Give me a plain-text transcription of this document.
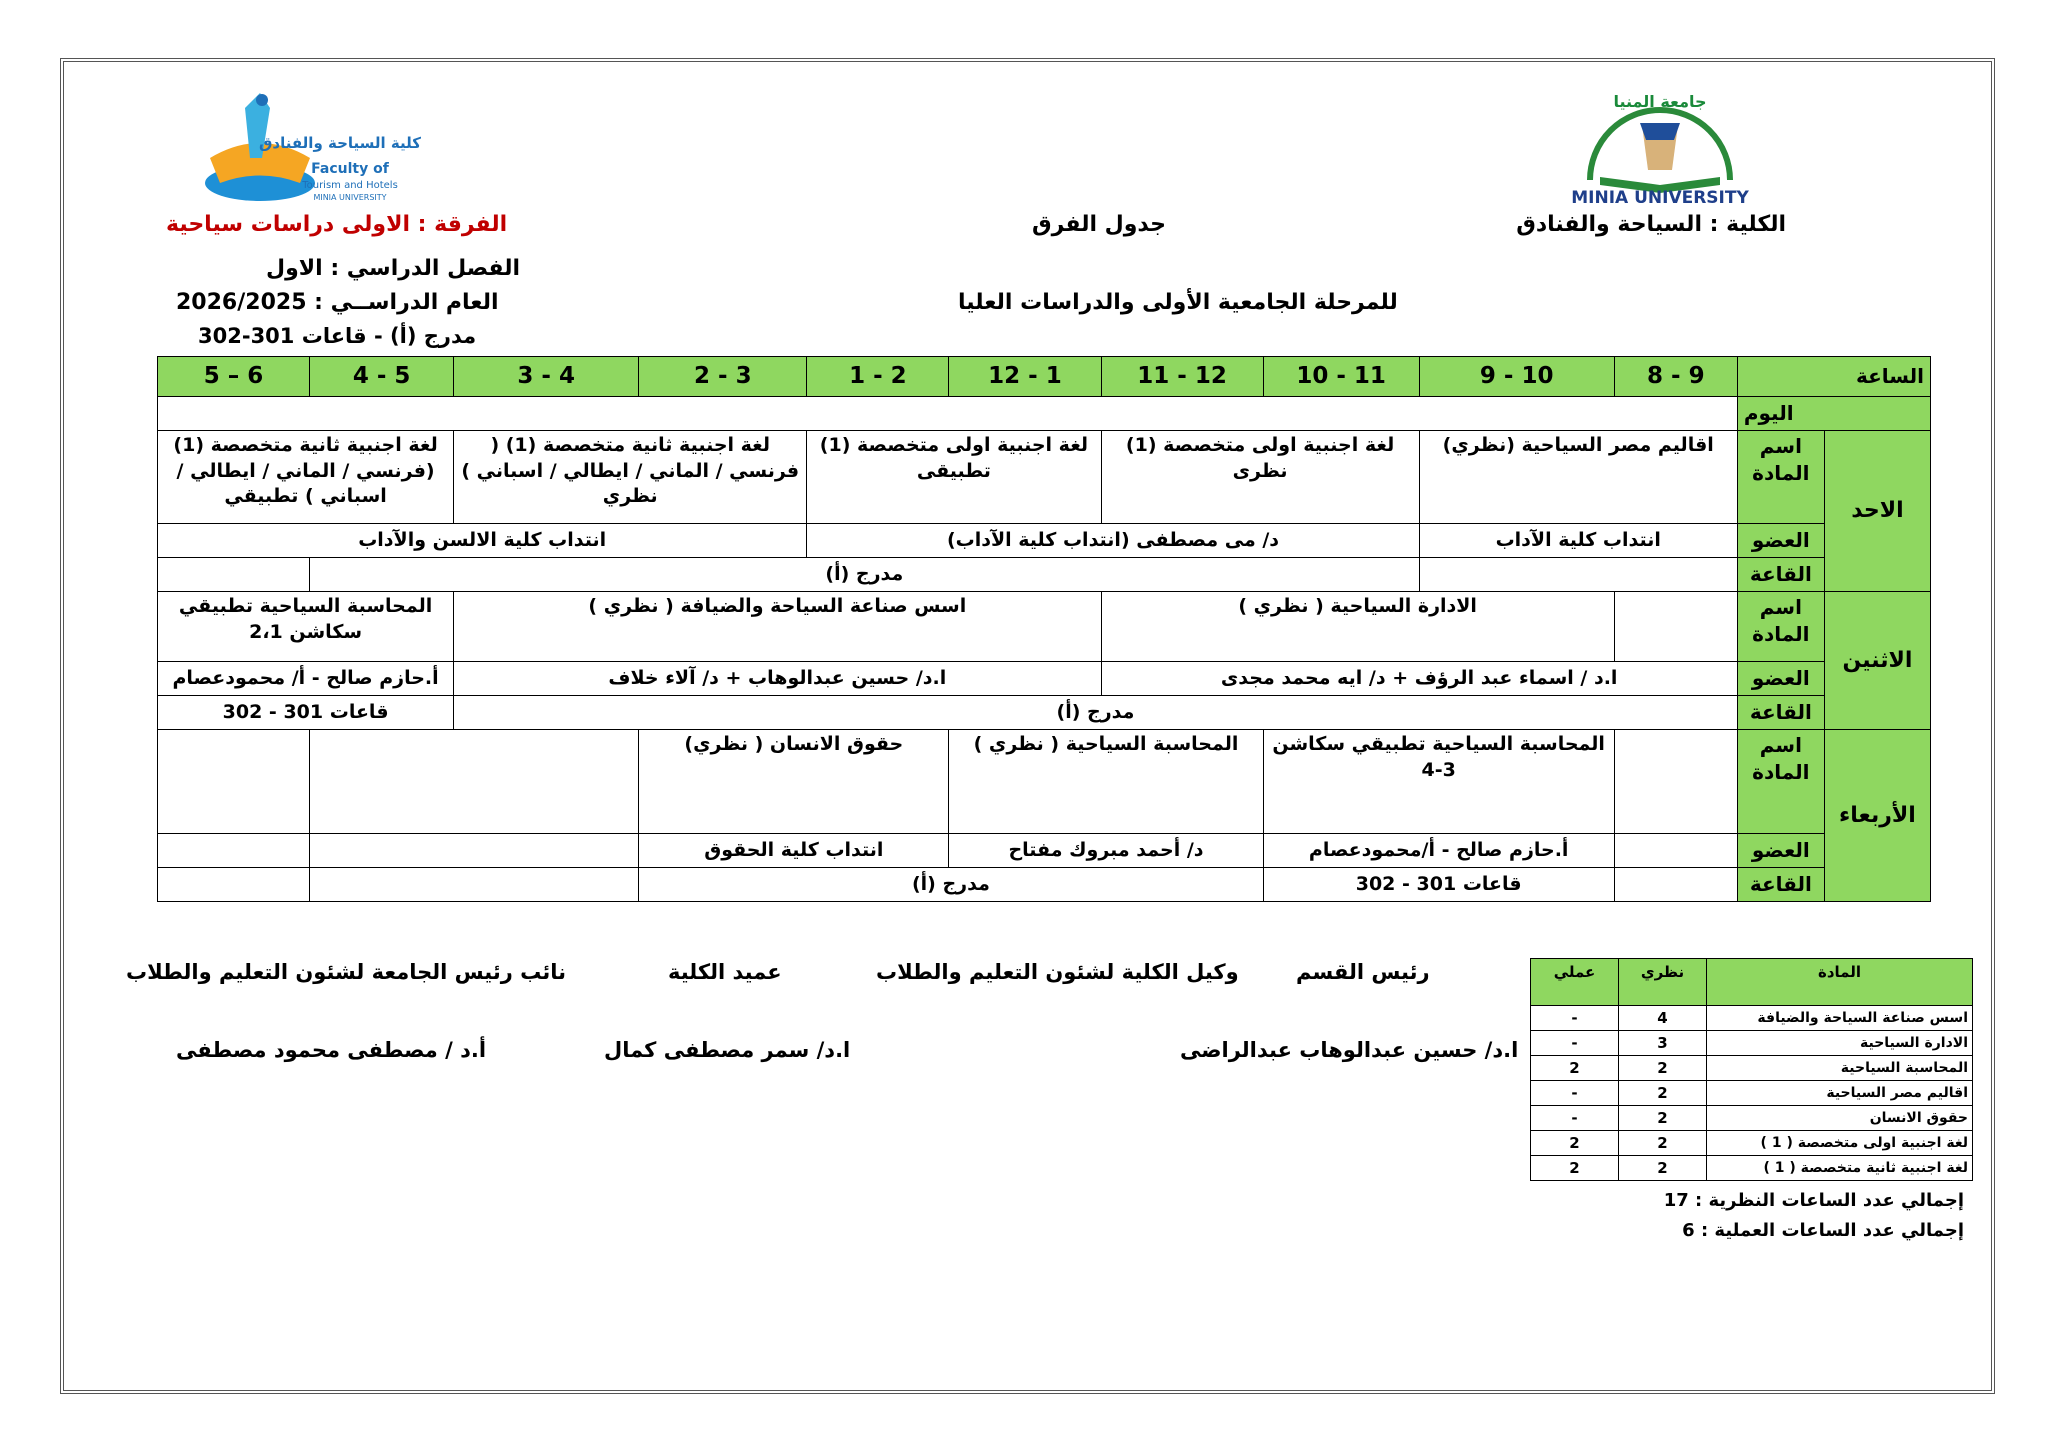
كلية السياحة والفنادق
Faculty of
Tourism and Hotels
MINIA UNIVERSITY
جامعة المنيا
MINIA UNIVERSITY
الكلية : السياحة والفنادق
جدول الفرق
للمرحلة الجامعية الأولى والدراسات العليا
الفرقة : الاولى دراسات سياحية
الفصل الدراسي : الاول
العام الدراســي : 2026/2025
مدرج (أ) - قاعات 301-302
6 – 5	5 - 4	4 - 3	3 - 2	2 - 1	1 - 12	12 - 11	11 - 10	10 - 9	9 - 8	الساعة	
										اليوم	
لغة اجنبية ثانية متخصصة (1) (فرنسي / الماني / ايطالي / اسباني ) تطبيقي		لغة اجنبية ثانية متخصصة (1) ( فرنسي / الماني / ايطالي / اسباني ) نظري		لغة اجنبية اولى متخصصة (1) تطبيقى		لغة اجنبية اولى متخصصة (1) نظرى		اقاليم مصر السياحية (نظري)		اسم المادة	الاحد
انتداب كلية الالسن والآداب				د/ مى مصطفى (انتداب كلية الآداب)				انتداب كلية الآداب		العضو	
	مدرج (أ)									القاعة	
المحاسبة السياحية تطبيقي سكاشن 2،1		اسس صناعة السياحة والضيافة ( نظري )				الادارة السياحية ( نظري )				اسم المادة	الاثنين
أ.حازم صالح - أ/ محمودعصام		ا.د/ حسين عبدالوهاب + د/ آلاء خلاف				ا.د / اسماء عبد الرؤف + د/ ايه محمد مجدى				العضو	
قاعات 301 - 302		مدرج (أ)								القاعة	
			حقوق الانسان ( نظري)		المحاسبة السياحية ( نظري )		المحاسبة السياحية تطبيقي سكاشن 3-4			اسم المادة	الأربعاء
			انتداب كلية الحقوق		د/ أحمد مبروك مفتاح		أ.حازم صالح - أ/محمودعصام			العضو	
			مدرج (أ)				قاعات 301 - 302			القاعة	
نائب رئيس الجامعة لشئون التعليم والطلاب	عميد الكلية	وكيل الكلية لشئون التعليم والطلاب	رئيس القسم
أ.د / مصطفى محمود مصطفى	ا.د/ سمر مصطفى كمال	ا.د/ حسين عبدالوهاب عبدالراضى
عملي	نظري	المادة
-	4	اسس صناعة السياحة والضيافة
-	3	الادارة السياحية
2	2	المحاسبة السياحية
-	2	اقاليم مصر السياحية
-	2	حقوق الانسان
2	2	لغة اجنبية اولى متخصصة ( 1 )
2	2	لغة اجنبية ثانية متخصصة ( 1 )
إجمالي عدد الساعات النظرية : 17
إجمالي عدد الساعات العملية : 6
